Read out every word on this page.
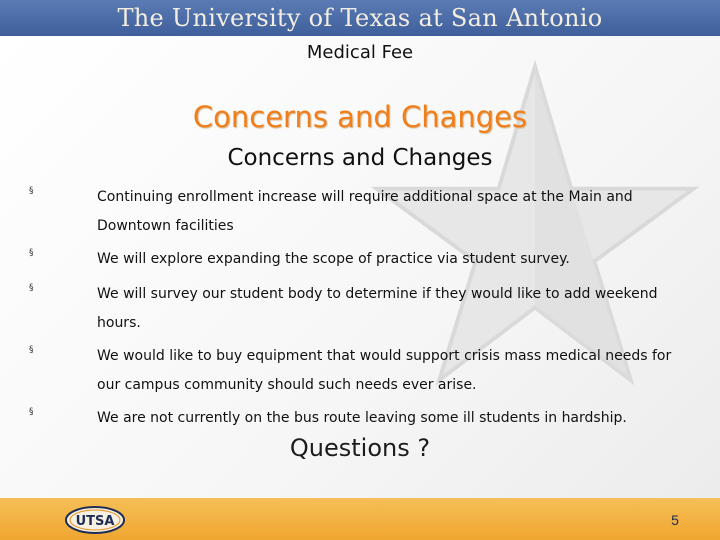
The University of Texas at San Antonio
Medical Fee
Concerns and Changes
Concerns and Changes
§	Continuing enrollment increase will require additional space at the Main and Downtown facilities
§	We will explore expanding the scope of practice via student survey.
§	We will survey our student body to determine if they would like to add weekend hours.
§	We would like to buy equipment that would support crisis mass medical needs for our campus community should such needs ever arise.
§	We are not currently on the bus route leaving some ill students in hardship.
Questions ?
UTSA	5
